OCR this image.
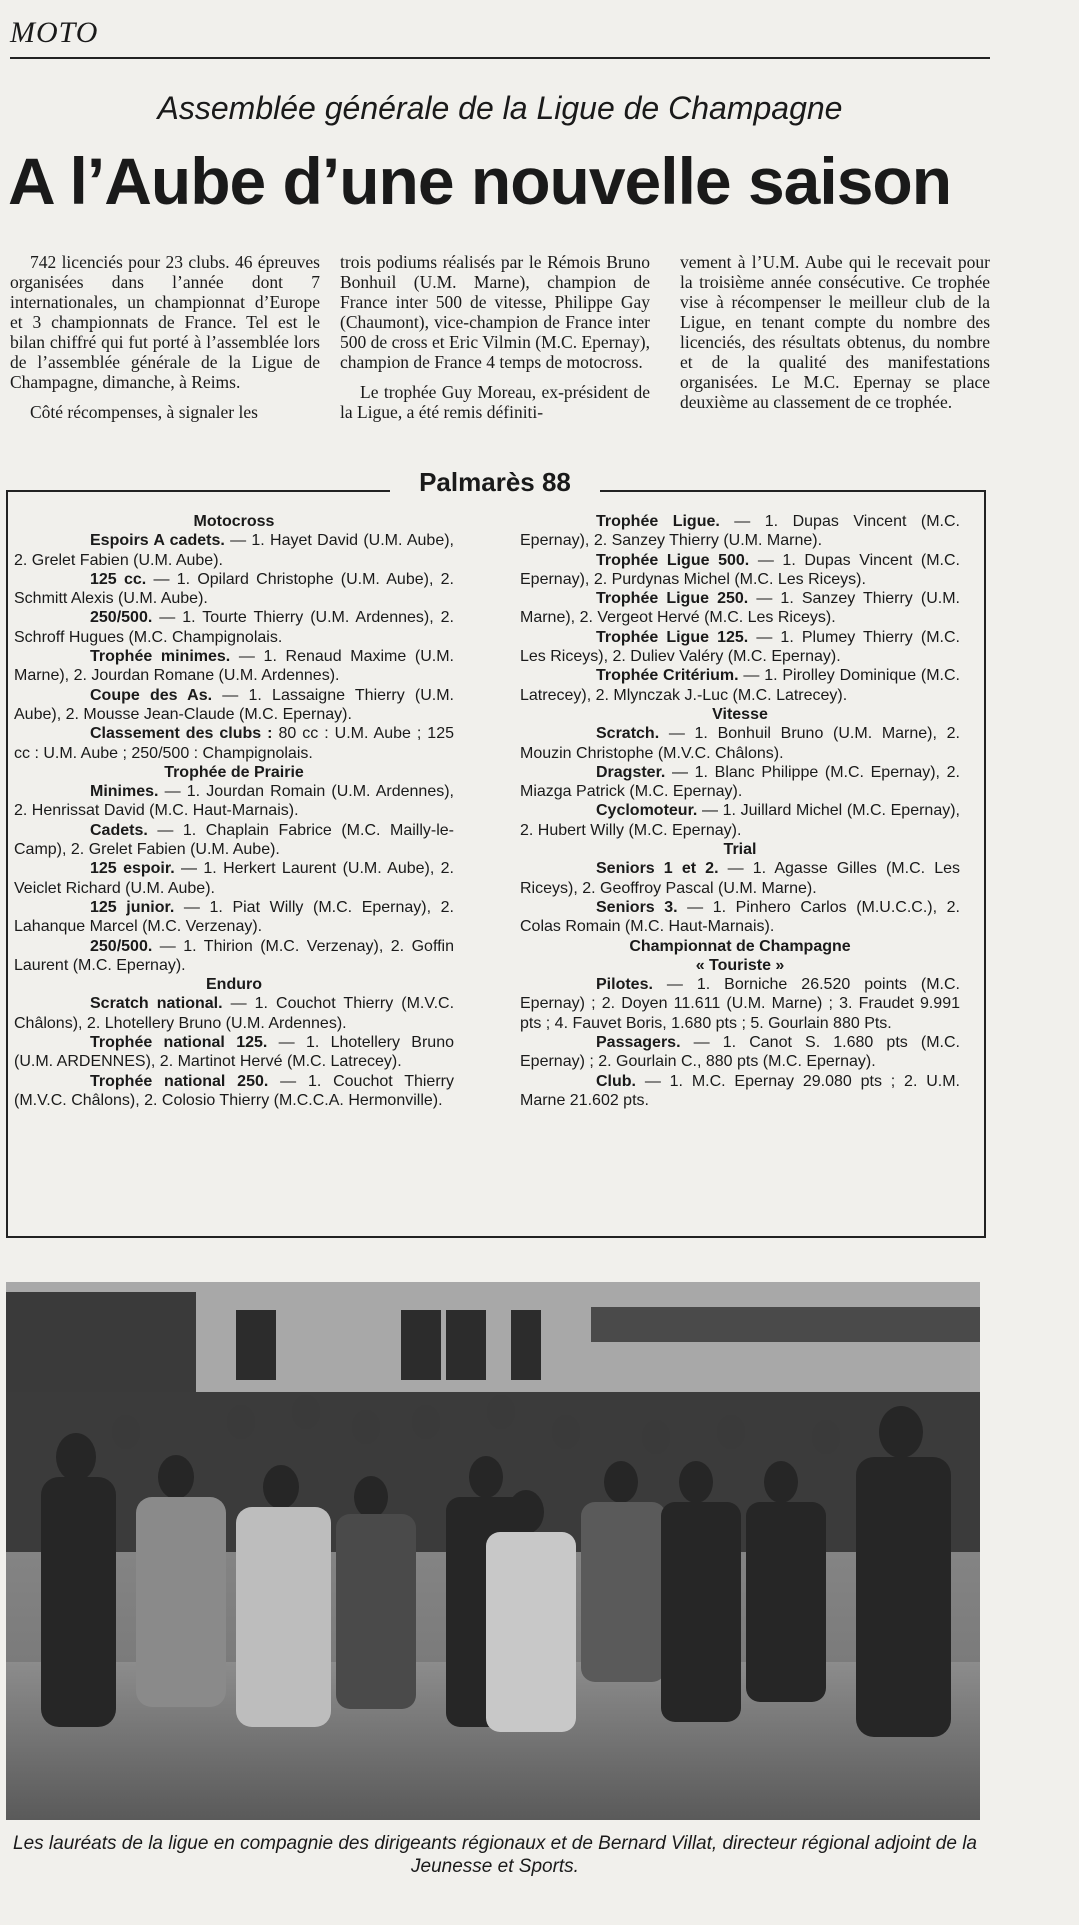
MOTO
Assemblée générale de la Ligue de Champagne
A l’Aube d’une nouvelle saison

742 licenciés pour 23 clubs. 46 épreuves organisées dans l’année dont 7 internationales, un championnat d’Europe et 3 championnats de France. Tel est le bilan chiffré qui fut porté à l’assemblée lors de l’assemblée générale de la Ligue de Champagne, dimanche, à Reims.

Côté récompenses, à signaler les

trois podiums réalisés par le Rémois Bruno Bonhuil (U.M. Marne), champion de France inter 500 de vitesse, Philippe Gay (Chaumont), vice-champion de France inter 500 de cross et Eric Vilmin (M.C. Epernay), champion de France 4 temps de motocross.

Le trophée Guy Moreau, ex-président de la Ligue, a été remis définiti-

vement à l’U.M. Aube qui le recevait pour la troisième année consécutive. Ce trophée vise à récompenser le meilleur club de la Ligue, en tenant compte du nombre des licenciés, des résultats obtenus, du nombre et de la qualité des manifestations organisées. Le M.C. Epernay se place deuxième au classement de ce trophée.

Palmarès 88

Motocross

Espoirs A cadets. — 1. Hayet David (U.M. Aube), 2. Grelet Fabien (U.M. Aube).

125 cc. — 1. Opilard Christophe (U.M. Aube), 2. Schmitt Alexis (U.M. Aube).

250/500. — 1. Tourte Thierry (U.M. Ardennes), 2. Schroff Hugues (M.C. Champignolais.

Trophée minimes. — 1. Renaud Maxime (U.M. Marne), 2. Jourdan Romane (U.M. Ardennes).

Coupe des As. — 1. Lassaigne Thierry (U.M. Aube), 2. Mousse Jean-Claude (M.C. Epernay).

Classement des clubs : 80 cc : U.M. Aube ; 125 cc : U.M. Aube ; 250/500 : Champignolais.

Trophée de Prairie

Minimes. — 1. Jourdan Romain (U.M. Ardennes), 2. Henrissat David (M.C. Haut-Marnais).

Cadets. — 1. Chaplain Fabrice (M.C. Mailly-le-Camp), 2. Grelet Fabien (U.M. Aube).

125 espoir. — 1. Herkert Laurent (U.M. Aube), 2. Veiclet Richard (U.M. Aube).

125 junior. — 1. Piat Willy (M.C. Epernay), 2. Lahanque Marcel (M.C. Verzenay).

250/500. — 1. Thirion (M.C. Verzenay), 2. Goffin Laurent (M.C. Epernay).

Enduro

Scratch national. — 1. Couchot Thierry (M.V.C. Châlons), 2. Lhotellery Bruno (U.M. Ardennes).

Trophée national 125. — 1. Lhotellery Bruno (U.M. ARDENNES), 2. Martinot Hervé (M.C. Latrecey).

Trophée national 250. — 1. Couchot Thierry (M.V.C. Châlons), 2. Colosio Thierry (M.C.C.A. Hermonville).

Trophée Ligue. — 1. Dupas Vincent (M.C. Epernay), 2. Sanzey Thierry (U.M. Marne).

Trophée Ligue 500. — 1. Dupas Vincent (M.C. Epernay), 2. Purdynas Michel (M.C. Les Riceys).

Trophée Ligue 250. — 1. Sanzey Thierry (U.M. Marne), 2. Vergeot Hervé (M.C. Les Riceys).

Trophée Ligue 125. — 1. Plumey Thierry (M.C. Les Riceys), 2. Duliev Valéry (M.C. Epernay).

Trophée Critérium. — 1. Pirolley Dominique (M.C. Latrecey), 2. Mlynczak J.-Luc (M.C. Latrecey).

Vitesse

Scratch. — 1. Bonhuil Bruno (U.M. Marne), 2. Mouzin Christophe (M.V.C. Châlons).

Dragster. — 1. Blanc Philippe (M.C. Epernay), 2. Miazga Patrick (M.C. Epernay).

Cyclomoteur. — 1. Juillard Michel (M.C. Epernay), 2. Hubert Willy (M.C. Epernay).

Trial

Seniors 1 et 2. — 1. Agasse Gilles (M.C. Les Riceys), 2. Geoffroy Pascal (U.M. Marne).

Seniors 3. — 1. Pinhero Carlos (M.U.C.C.), 2. Colas Romain (M.C. Haut-Marnais).

Championnat de Champagne

« Touriste »

Pilotes. — 1. Borniche 26.520 points (M.C. Epernay) ; 2. Doyen 11.611 (U.M. Marne) ; 3. Fraudet 9.991 pts ; 4. Fauvet Boris, 1.680 pts ; 5. Gourlain 880 Pts.

Passagers. — 1. Canot S. 1.680 pts (M.C. Epernay) ; 2. Gourlain C., 880 pts (M.C. Epernay).

Club. — 1. M.C. Epernay 29.080 pts ; 2. U.M. Marne 21.602 pts.

Les lauréats de la ligue en compagnie des dirigeants régionaux et de Bernard Villat, directeur régional adjoint de la Jeunesse et Sports.
